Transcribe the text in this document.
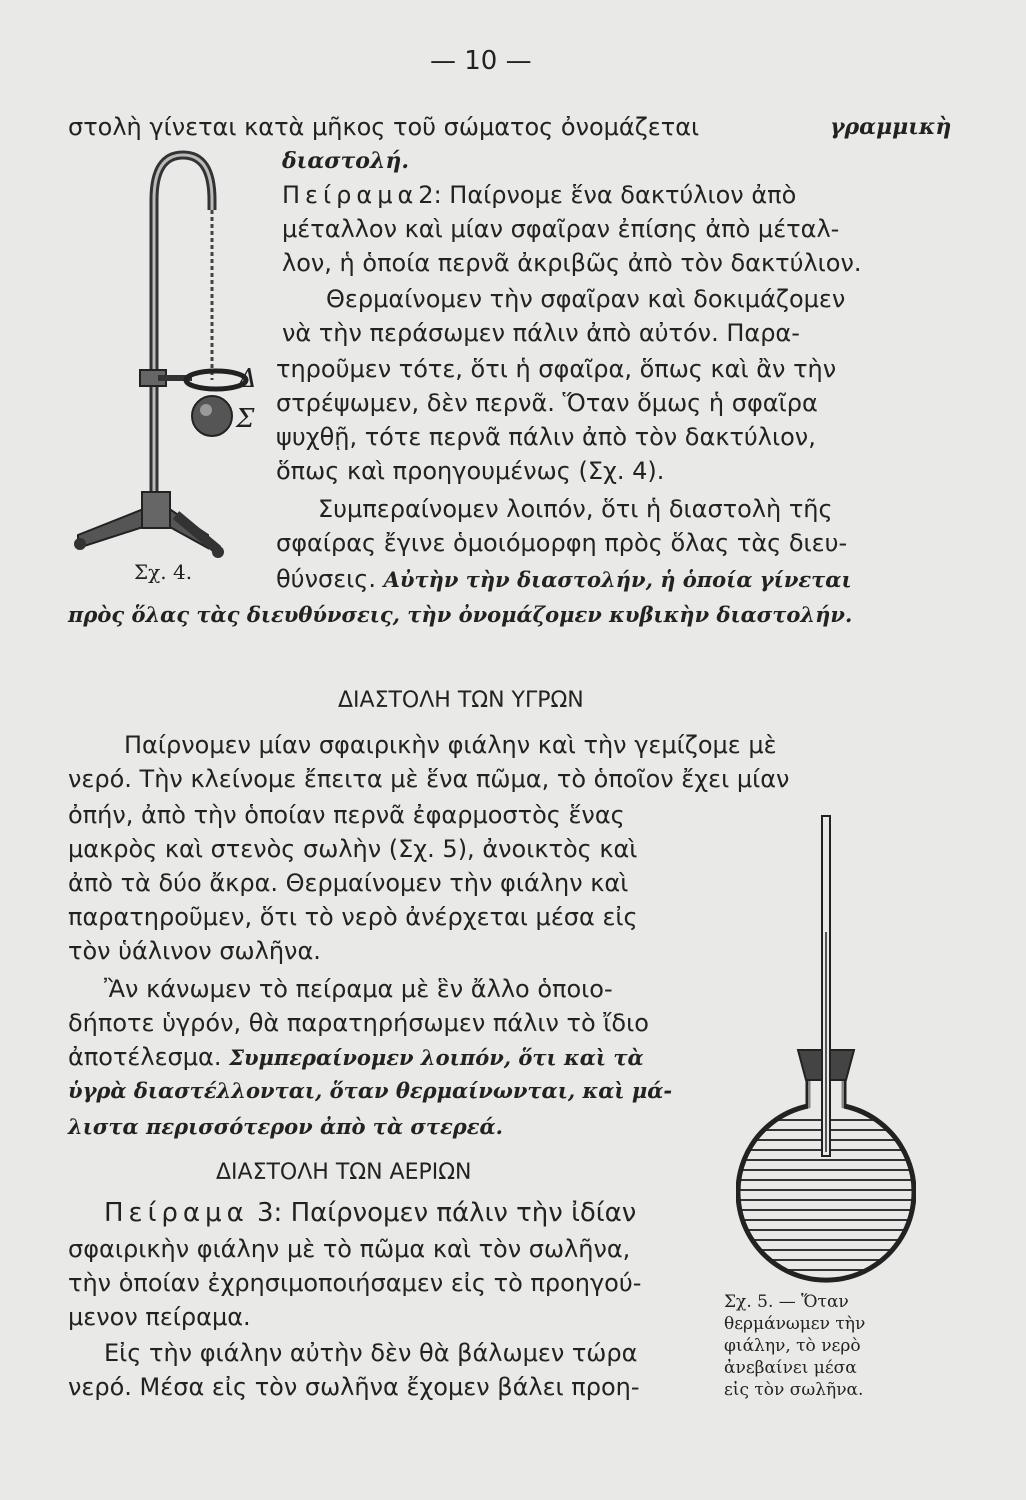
— 10 —
στολὴ γίνεται κατὰ μῆκος τοῦ σώματος ὀνομάζεται	γραμμικὴ
διαστολή.
Δ
Σ
Σχ. 4.
Πείραμα2: Παίρνομε ἕνα δακτύλιον ἀπὸ
μέταλλον καὶ μίαν σφαῖραν ἐπίσης ἀπὸ μέταλ-
λον, ἡ ὁποία περνᾶ ἀκριβῶς ἀπὸ τὸν δακτύλιον.
Θερμαίνομεν τὴν σφαῖραν καὶ δοκιμάζομεν
νὰ τὴν περάσωμεν πάλιν ἀπὸ αὐτόν. Παρα-
τηροῦμεν τότε, ὅτι ἡ σφαῖρα, ὅπως καὶ ἂν τὴν
στρέψωμεν, δὲν περνᾶ. Ὅταν ὅμως ἡ σφαῖρα
ψυχθῇ, τότε περνᾶ πάλιν ἀπὸ τὸν δακτύλιον,
ὅπως καὶ προηγουμένως (Σχ. 4).
Συμπεραίνομεν λοιπόν, ὅτι ἡ διαστολὴ τῆς
σφαίρας ἔγινε ὁμοιόμορφη πρὸς ὅλας τὰς διευ-
θύνσεις. Αὐτὴν τὴν διαστολήν, ἡ ὁποία γίνεται
πρὸς ὅλας τὰς διευθύνσεις, τὴν ὀνομάζομεν κυβικὴν διαστολήν.
ΔΙΑΣΤΟΛΗ ΤΩΝ ΥΓΡΩΝ
Παίρνομεν μίαν σφαιρικὴν φιάλην καὶ τὴν γεμίζομε μὲ
νερό. Τὴν κλείνομε ἔπειτα μὲ ἕνα πῶμα, τὸ ὁποῖον ἔχει μίαν
ὀπήν, ἀπὸ τὴν ὁποίαν περνᾶ ἐφαρμοστὸς ἕνας
μακρὸς καὶ στενὸς σωλὴν (Σχ. 5), ἀνοικτὸς καὶ
ἀπὸ τὰ δύο ἄκρα. Θερμαίνομεν τὴν φιάλην καὶ
παρατηροῦμεν, ὅτι τὸ νερὸ ἀνέρχεται μέσα εἰς
τὸν ὑάλινον σωλῆνα.
Ἂν κάνωμεν τὸ πείραμα μὲ ἓν ἄλλο ὁποιο-
δήποτε ὑγρόν, θὰ παρατηρήσωμεν πάλιν τὸ ἴδιο
ἀποτέλεσμα. Συμπεραίνομεν λοιπόν, ὅτι καὶ τὰ
ὑγρὰ διαστέλλονται, ὅταν θερμαίνωνται, καὶ μά-
λιστα περισσότερον ἀπὸ τὰ στερεά.
ΔΙΑΣΤΟΛΗ ΤΩΝ ΑΕΡΙΩΝ
Πείραμα 3: Παίρνομεν πάλιν τὴν ἰδίαν
σφαιρικὴν φιάλην μὲ τὸ πῶμα καὶ τὸν σωλῆνα,
τὴν ὁποίαν ἐχρησιμοποιήσαμεν εἰς τὸ προηγού-
μενον πείραμα.
Εἰς τὴν φιάλην αὐτὴν δὲν θὰ βάλωμεν τώρα
νερό. Μέσα εἰς τὸν σωλῆνα ἔχομεν βάλει προη-
Σχ. 5. — Ὅταν
θερμάνωμεν τὴν
φιάλην, τὸ νερὸ
ἀνεβαίνει μέσα
εἰς τὸν σωλῆνα.
